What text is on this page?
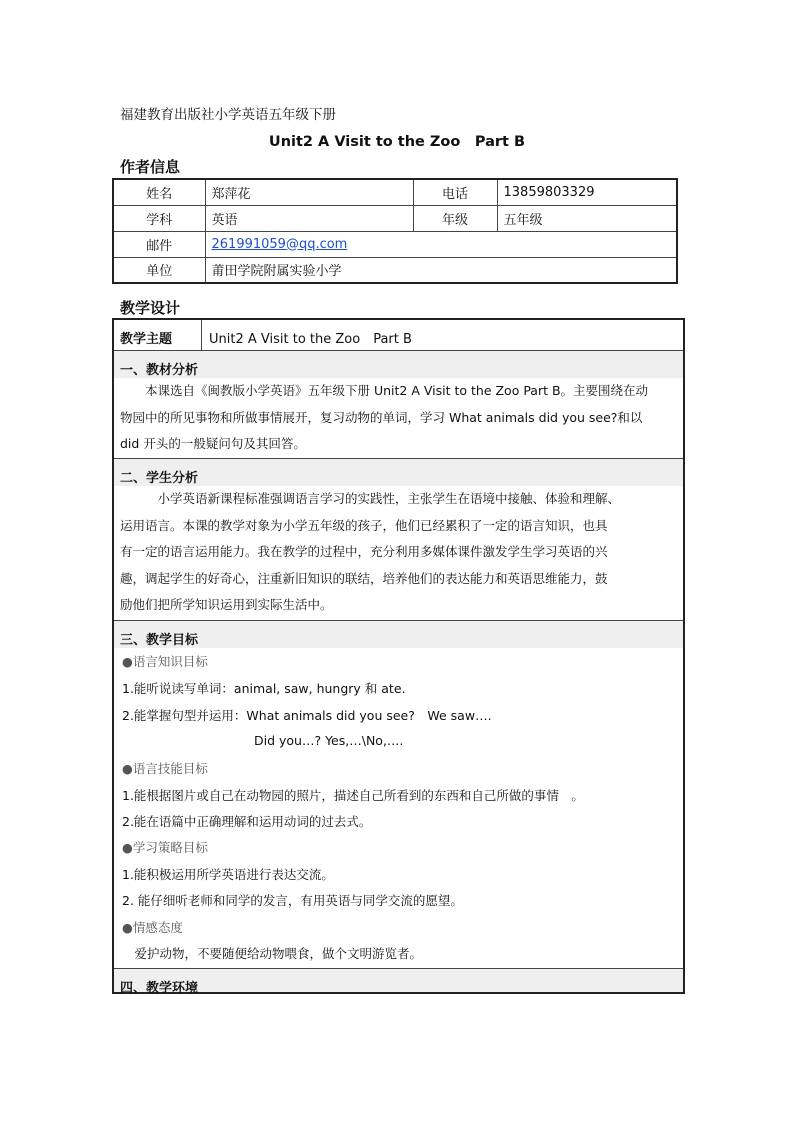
福建教育出版社小学英语五年级下册
Unit2 A Visit to the Zoo　Part B
作者信息
姓名	郑萍花	电话	13859803329
学科	英语	年级	五年级
邮件	261991059@qq.com		
单位	莆田学院附属实验小学		
教学设计
教学主题	Unit2 A Visit to the Zoo　Part B
一、教材分析
　　本课选自《闽教版小学英语》五年级下册 Unit2 A Visit to the Zoo Part B。主要围绕在动
物园中的所见事物和所做事情展开，复习动物的单词，学习 What animals did you see?和以
did 开头的一般疑问句及其回答。
二、学生分析
　　　小学英语新课程标准强调语言学习的实践性，主张学生在语境中接触、体验和理解、
运用语言。本课的教学对象为小学五年级的孩子，他们已经累积了一定的语言知识，也具
有一定的语言运用能力。我在教学的过程中，充分利用多媒体课件激发学生学习英语的兴
趣，调起学生的好奇心，注重新旧知识的联结，培养他们的表达能力和英语思维能力，鼓
励他们把所学知识运用到实际生活中。
三、教学目标
●语言知识目标
1.能听说读写单词：animal, saw, hungry 和 ate.
2.能掌握句型并运用：What animals did you see?　We saw….
Did you…? Yes,…\No,….
●语言技能目标
1.能根据图片或自己在动物园的照片，描述自己所看到的东西和自己所做的事情　。
2.能在语篇中正确理解和运用动词的过去式。
●学习策略目标
1.能积极运用所学英语进行表达交流。
2. 能仔细听老师和同学的发言，有用英语与同学交流的愿望。
●情感态度
　爱护动物，不要随便给动物喂食，做个文明游览者。
四、教学环境
